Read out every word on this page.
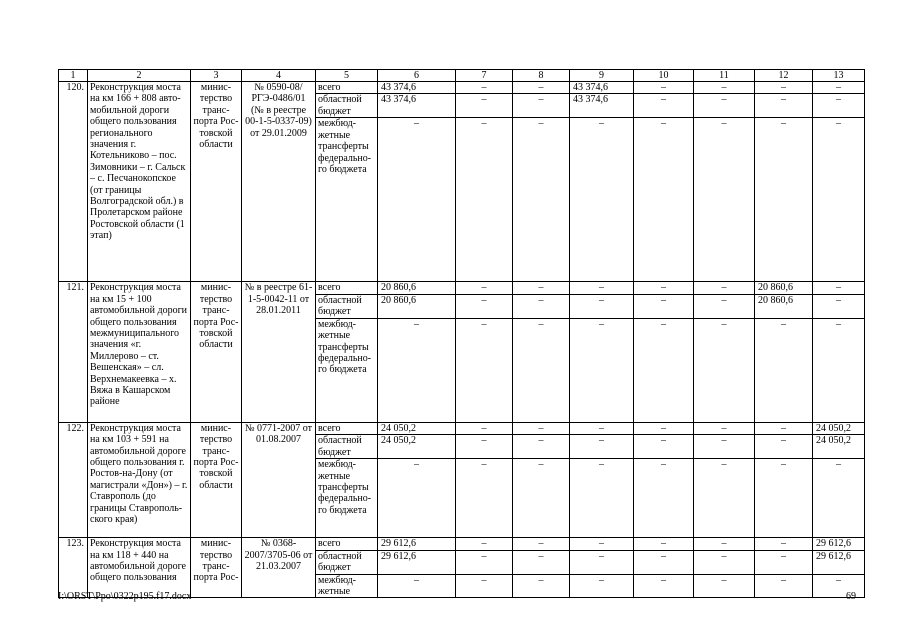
1	2	3	4	5	6	7	8	9	10	11	12	13
120.	Реконструкция моста на км 166 + 808 авто-мобильной дороги общего пользования регионального значения г. Котельниково – пос. Зимовники – г. Сальск – с. Песчанокопское (от границы Волгоградской обл.) в Пролетарском районе Ростовской области (1 этап)	минис-терство транс-порта Рос-товской области	№ 0590-08/ РГЭ-0486/01 (№ в реестре 00-1-5-0337-09) от 29.01.2009	всего	43 374,6	–	–	43 374,6	–	–	–	–
				областной бюджет	43 374,6	–	–	43 374,6	–	–	–	–
				межбюд-жетные трансферты федерально-го бюджета	–	–	–	–	–	–	–	–
121.	Реконструкция моста на км 15 + 100 автомобильной дороги общего пользования межмуниципального значения «г. Миллерово – ст. Вешенская» – сл. Верхнемакеевка – х. Вяжа в Кашарском районе	минис-терство транс-порта Рос-товской области	№ в реестре 61-1-5-0042-11 от 28.01.2011	всего	20 860,6	–	–	–	–	–	20 860,6	–
				областной бюджет	20 860,6	–	–	–	–	–	20 860,6	–
				межбюд-жетные трансферты федерально-го бюджета	–	–	–	–	–	–	–	–
122.	Реконструкция моста на км 103 + 591 на автомобильной дороге общего пользования г. Ростов-на-Дону (от магистрали «Дон») – г. Ставрополь (до границы Ставрополь-ского края)	минис-терство транс-порта Рос-товской области	№ 0771-2007 от 01.08.2007	всего	24 050,2	–	–	–	–	–	–	24 050,2
				областной бюджет	24 050,2	–	–	–	–	–	–	24 050,2
				межбюд-жетные трансферты федерально-го бюджета	–	–	–	–	–	–	–	–
123.	Реконструкция моста на км 118 + 440 на автомобильной дороге общего пользования	минис-терство транс-порта Рос-	№ 0368-2007/3705-06 от 21.03.2007	всего	29 612,6	–	–	–	–	–	–	29 612,6
				областной бюджет	29 612,6	–	–	–	–	–	–	29 612,6
				межбюд-жетные	–	–	–	–	–	–	–	–
I:\ORST\Ppo\0322p195.f17.docx	69
